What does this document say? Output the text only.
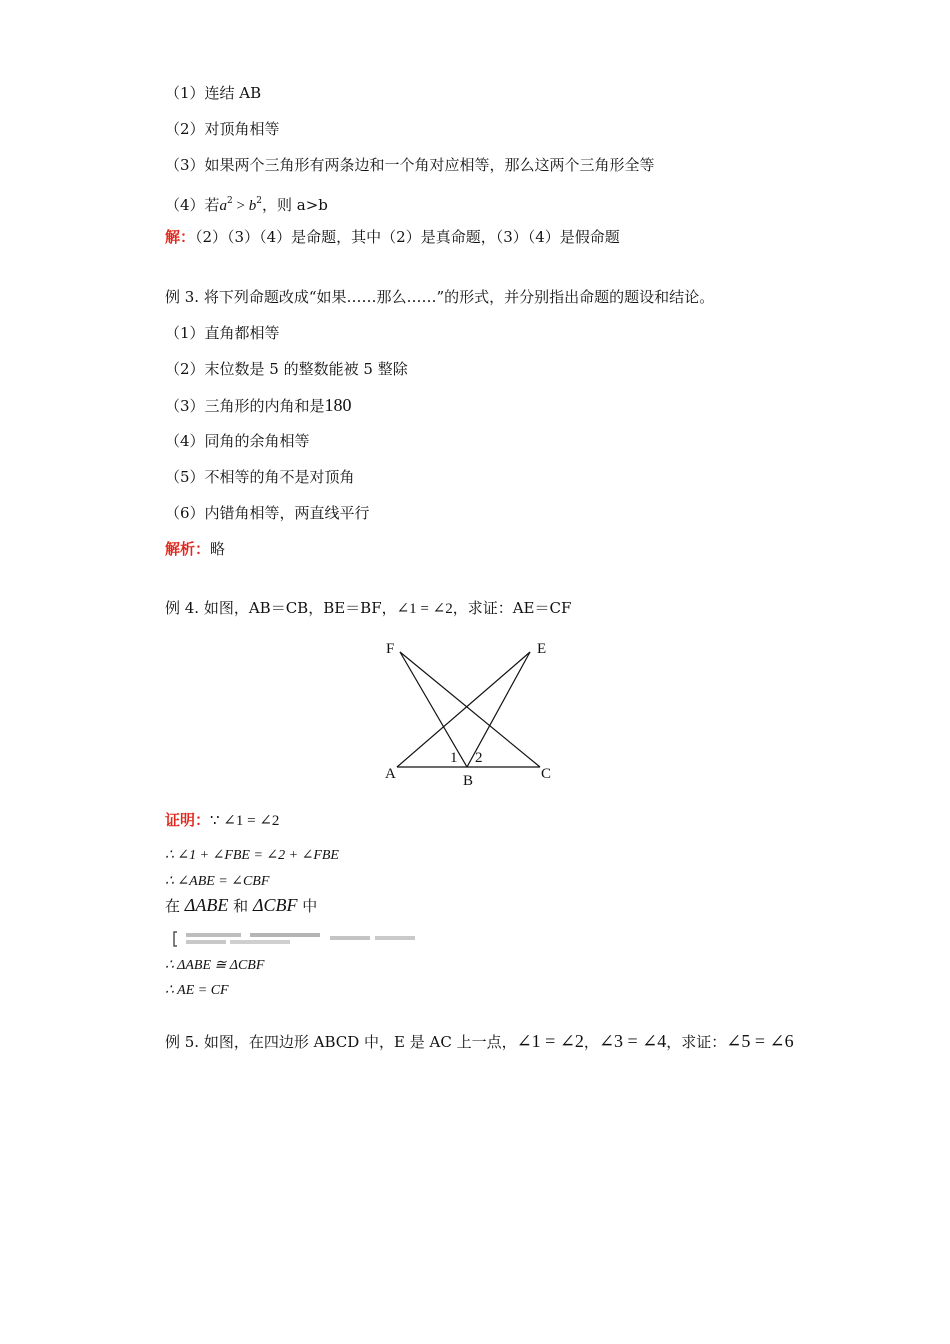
（1）连结 AB
（2）对顶角相等
（3）如果两个三角形有两条边和一个角对应相等，那么这两个三角形全等
（4）若$a^2 > b^2$，则 a>b
解：（2）（3）（4）是命题，其中（2）是真命题，（3）（4）是假命题
例 3. 将下列命题改成“如果……那么……”的形式，并分别指出命题的题设和结论。
（1）直角都相等
（2）末位数是 5 的整数能被 5 整除
（3）三角形的内角和是180
（4）同角的余角相等
（5）不相等的角不是对顶角
（6）内错角相等，两直线平行
解析：略
例 4. 如图，AB＝CB，BE＝BF，∠1 = ∠2，求证：AE＝CF
F	E
A	B	C
1 2
证明：∵ ∠1 = ∠2
∴ ∠1 + ∠FBE = ∠2 + ∠FBE
∴ ∠ABE = ∠CBF
在 ΔABE 和 ΔCBF 中
∴ ΔABE ≅ ΔCBF
∴ AE = CF
例 5. 如图，在四边形 ABCD 中，E 是 AC 上一点，∠1 = ∠2，∠3 = ∠4，求证：∠5 = ∠6
